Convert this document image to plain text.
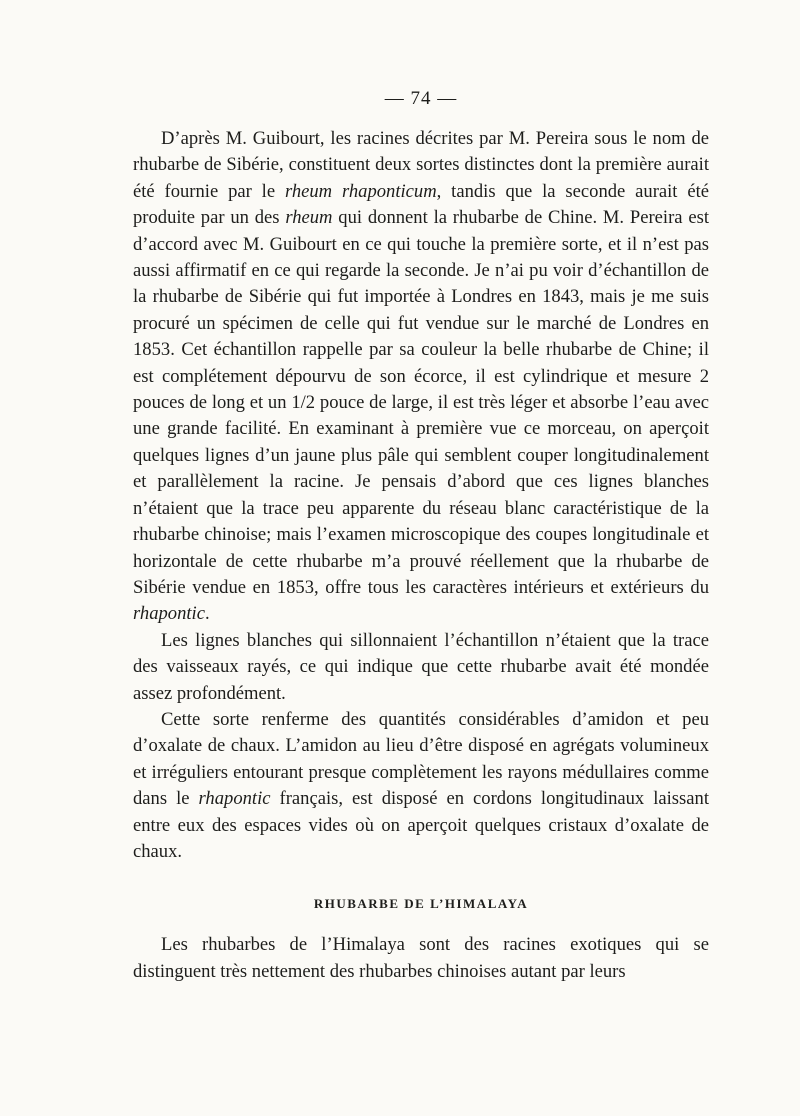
— 74 —

D’après M. Guibourt, les racines décrites par M. Pereira sous le nom de rhubarbe de Sibérie, constituent deux sortes distinctes dont la première aurait été fournie par le rheum rhaponticum, tandis que la seconde aurait été produite par un des rheum qui donnent la rhubarbe de Chine. M. Pereira est d’accord avec M. Guibourt en ce qui touche la première sorte, et il n’est pas aussi affirmatif en ce qui regarde la seconde. Je n’ai pu voir d’échantillon de la rhubarbe de Sibérie qui fut importée à Londres en 1843, mais je me suis procuré un spécimen de celle qui fut vendue sur le marché de Londres en 1853. Cet échantillon rappelle par sa couleur la belle rhubarbe de Chine; il est complétement dépourvu de son écorce, il est cylindrique et mesure 2 pouces de long et un 1/2 pouce de large, il est très léger et absorbe l’eau avec une grande facilité. En examinant à première vue ce morceau, on aperçoit quelques lignes d’un jaune plus pâle qui semblent couper longitudinalement et parallèlement la racine. Je pensais d’abord que ces lignes blanches n’étaient que la trace peu apparente du réseau blanc caractéristique de la rhubarbe chinoise; mais l’examen microscopique des coupes longitudinale et horizontale de cette rhubarbe m’a prouvé réellement que la rhubarbe de Sibérie vendue en 1853, offre tous les caractères intérieurs et extérieurs du rhapontic.

Les lignes blanches qui sillonnaient l’échantillon n’étaient que la trace des vaisseaux rayés, ce qui indique que cette rhubarbe avait été mondée assez profondément.

Cette sorte renferme des quantités considérables d’amidon et peu d’oxalate de chaux. L’amidon au lieu d’être disposé en agrégats volumineux et irréguliers entourant presque complètement les rayons médullaires comme dans le rhapontic français, est disposé en cordons longitudinaux laissant entre eux des espaces vides où on aperçoit quelques cristaux d’oxalate de chaux.

RHUBARBE DE L’HIMALAYA

Les rhubarbes de l’Himalaya sont des racines exotiques qui se distinguent très nettement des rhubarbes chinoises autant par leurs
